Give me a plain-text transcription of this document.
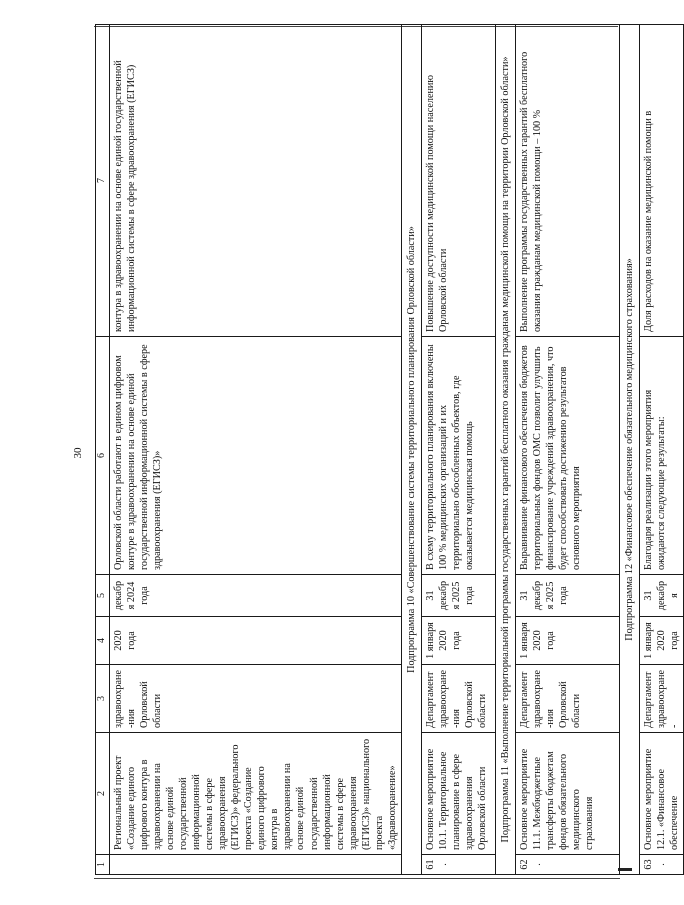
30
1	2	3	4	5	6	7
	Региональный проект «Создание единого цифрового контура в здравоохранении на основе единой государственной информационной системы в сфере здравоохранения (ЕГИСЗ)» федерального проекта «Создание единого цифрового контура в здравоохранении на основе единой государственной информационной системы в сфере здравоохранения (ЕГИСЗ)» национального проекта «Здравоохранение»	здравоохране-ния Орловской области	2020 года	декабря 2024 года	Орловской области работают в едином цифровом контуре в здравоохранении на основе единой государственной информационной системы в сфере здравоохранения (ЕГИСЗ)»	контура в здравоохранении на основе единой государственной информационной системы в сфере здравоохранения (ЕГИСЗ)
Подпрограмма 10 «Совершенствование системы территориального планирования Орловской области»						
61.	Основное мероприятие 10.1. Территориальное планирование в сфере здравоохранения Орловской области	Департамент здравоохране-ния Орловской области	1 января 2020 года	31 декабря 2025 года	В схему территориального планирования включены 100 % медицинских организаций и их территориально обособленных объектов, где оказывается медицинская помощь	Повышение доступности медицинской помощи населению Орловской области
Подпрограмма 11 «Выполнение территориальной программы государственных гарантий бесплатного оказания гражданам медицинской помощи на территории Орловской области»						
62.	Основное мероприятие 11.1. Межбюджетные трансферты бюджетам фондов обязательного медицинского страхования	Департамент здравоохране-ния Орловской области	1 января 2020 года	31 декабря 2025 года	Выравнивание финансового обеспечения бюджетов территориальных фондов ОМС позволит улучшить финансирование учреждений здравоохранения, что будет способствовать достижению результатов основного мероприятия	Выполнение программы государственных гарантий бесплатного оказания гражданам медицинской помощи – 100 %
Подпрограмма 12 «Финансовое обеспечение обязательного медицинского страхования»						
63.	Основное мероприятие 12.1. «Финансовое обеспечение	Департамент здравоохране-	1 января 2020 года	31 декабря	Благодаря реализации этого мероприятия ожидаются следующие результаты:	Доля расходов на оказание медицинской помощи в
